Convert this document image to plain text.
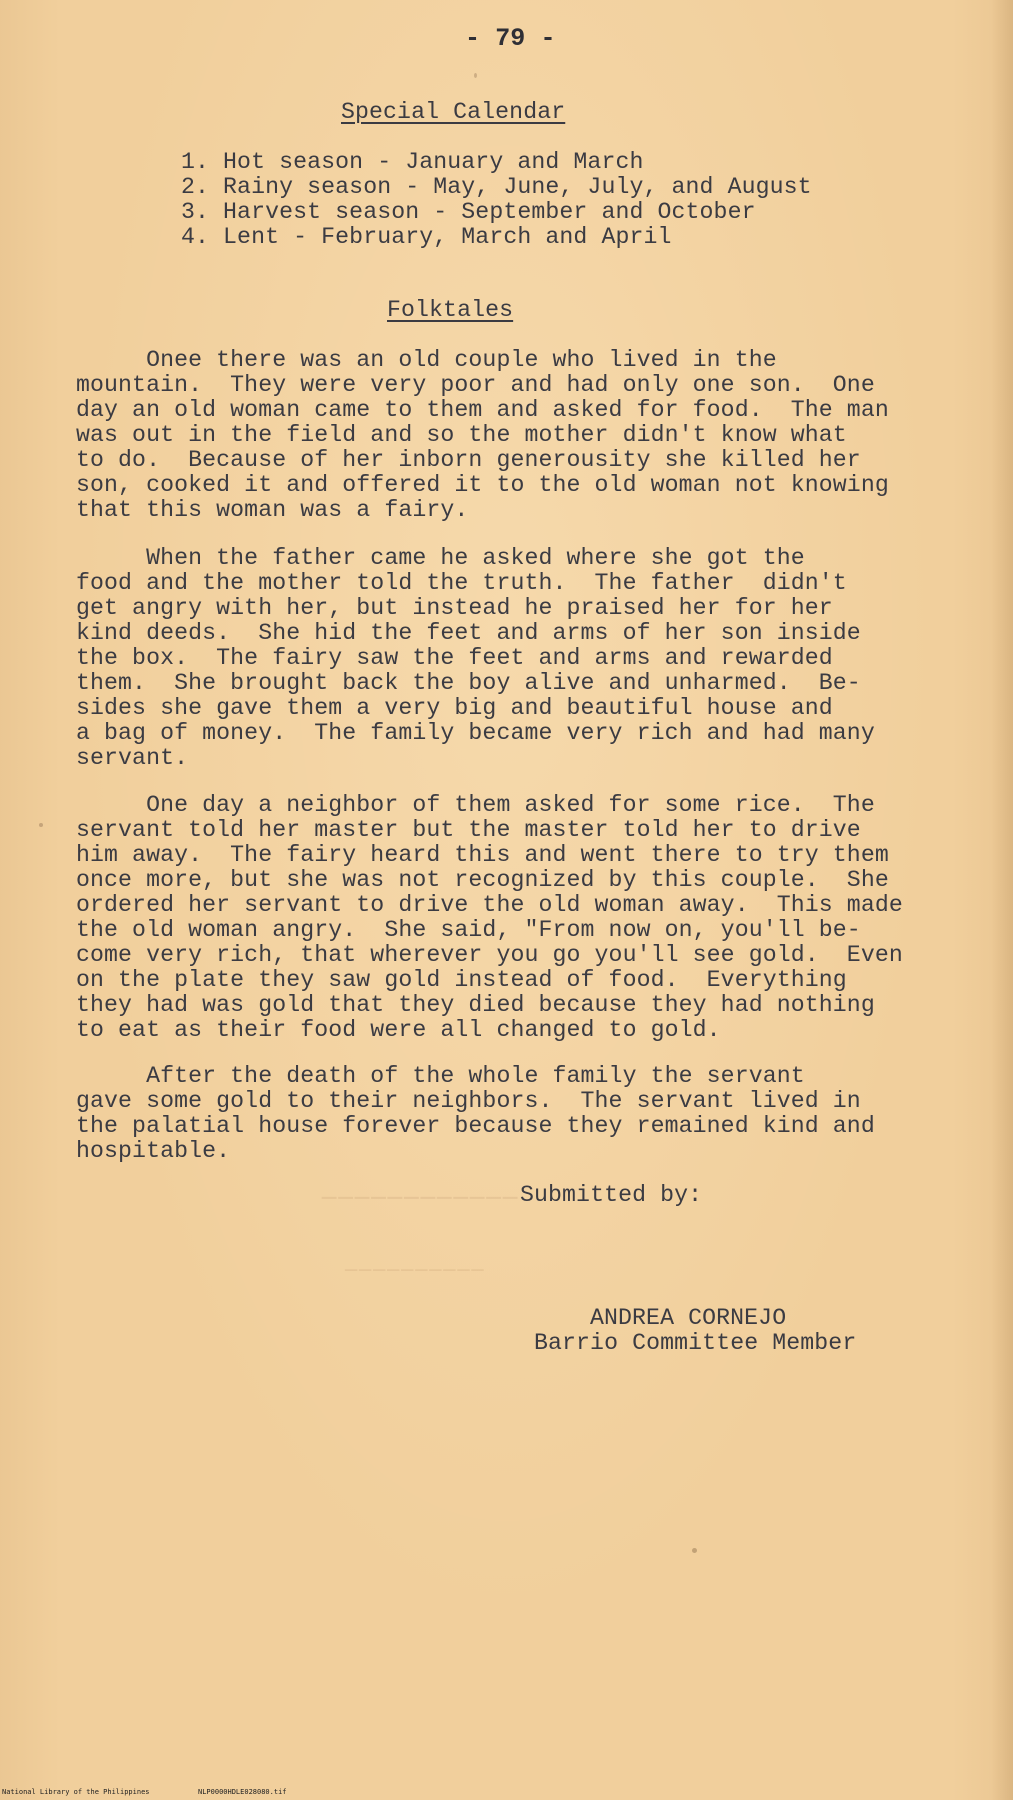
────────────
──────────
- 79 -
Special Calendar
1. Hot season - January and March
2. Rainy season - May, June, July, and August
3. Harvest season - September and October
4. Lent - February, March and April
Folktales
Onee there was an old couple who lived in the
mountain.  They were very poor and had only one son.  One
day an old woman came to them and asked for food.  The man
was out in the field and so the mother didn't know what
to do.  Because of her inborn generousity she killed her
son, cooked it and offered it to the old woman not knowing
that this woman was a fairy.
When the father came he asked where she got the
food and the mother told the truth.  The father  didn't
get angry with her, but instead he praised her for her
kind deeds.  She hid the feet and arms of her son inside
the box.  The fairy saw the feet and arms and rewarded
them.  She brought back the boy alive and unharmed.  Be-
sides she gave them a very big and beautiful house and
a bag of money.  The family became very rich and had many
servant.
One day a neighbor of them asked for some rice.  The
servant told her master but the master told her to drive
him away.  The fairy heard this and went there to try them
once more, but she was not recognized by this couple.  She
ordered her servant to drive the old woman away.  This made
the old woman angry.  She said, "From now on, you'll be-
come very rich, that wherever you go you'll see gold.  Even
on the plate they saw gold instead of food.  Everything
they had was gold that they died because they had nothing
to eat as their food were all changed to gold.
After the death of the whole family the servant
gave some gold to their neighbors.  The servant lived in
the palatial house forever because they remained kind and
hospitable.
Submitted by:
ANDREA CORNEJO
Barrio Committee Member
National Library of the Philippines	NLP0000HDLE028080.tif
